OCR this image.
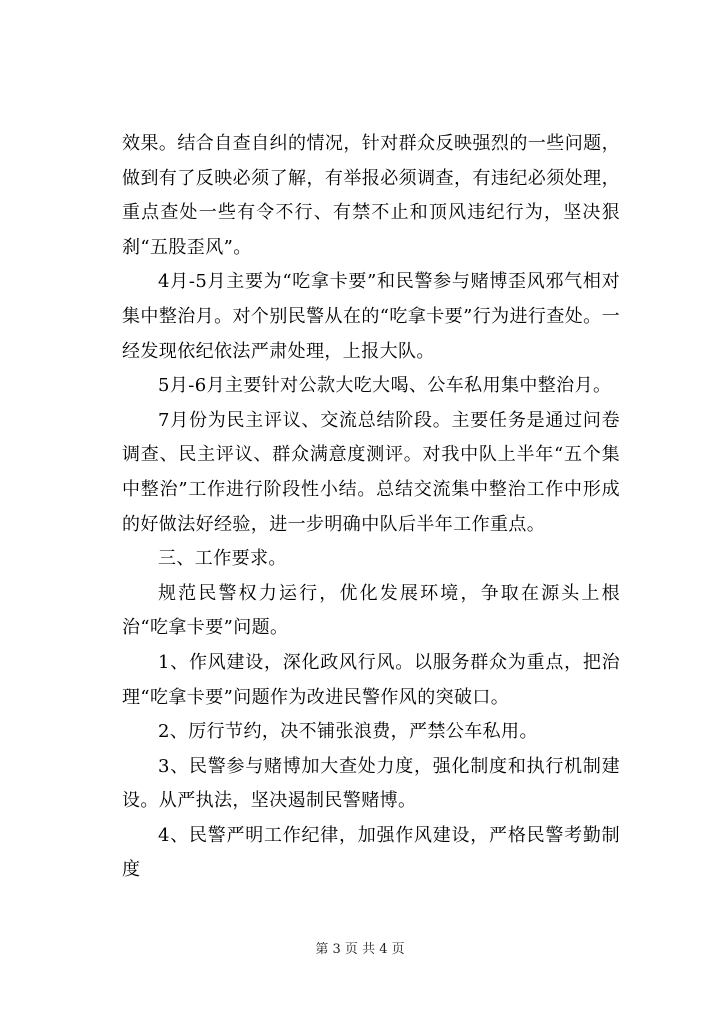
效果。结合自查自纠的情况，针对群众反映强烈的一些问题，做到有了反映必须了解，有举报必须调查，有违纪必须处理，重点查处一些有令不行、有禁不止和顶风违纪行为，坚决狠刹“五股歪风”。

4月-5月主要为“吃拿卡要”和民警参与赌博歪风邪气相对集中整治月。对个别民警从在的“吃拿卡要”行为进行查处。一经发现依纪依法严肃处理，上报大队。

5月-6月主要针对公款大吃大喝、公车私用集中整治月。

7月份为民主评议、交流总结阶段。主要任务是通过问卷调查、民主评议、群众满意度测评。对我中队上半年“五个集中整治”工作进行阶段性小结。总结交流集中整治工作中形成的好做法好经验，进一步明确中队后半年工作重点。

三、工作要求。

规范民警权力运行，优化发展环境，争取在源头上根治“吃拿卡要”问题。

1、作风建设，深化政风行风。以服务群众为重点，把治理“吃拿卡要”问题作为改进民警作风的突破口。

2、厉行节约，决不铺张浪费，严禁公车私用。

3、民警参与赌博加大查处力度，强化制度和执行机制建设。从严执法，坚决遏制民警赌博。

4、民警严明工作纪律，加强作风建设，严格民警考勤制度

第 3 页 共 4 页
